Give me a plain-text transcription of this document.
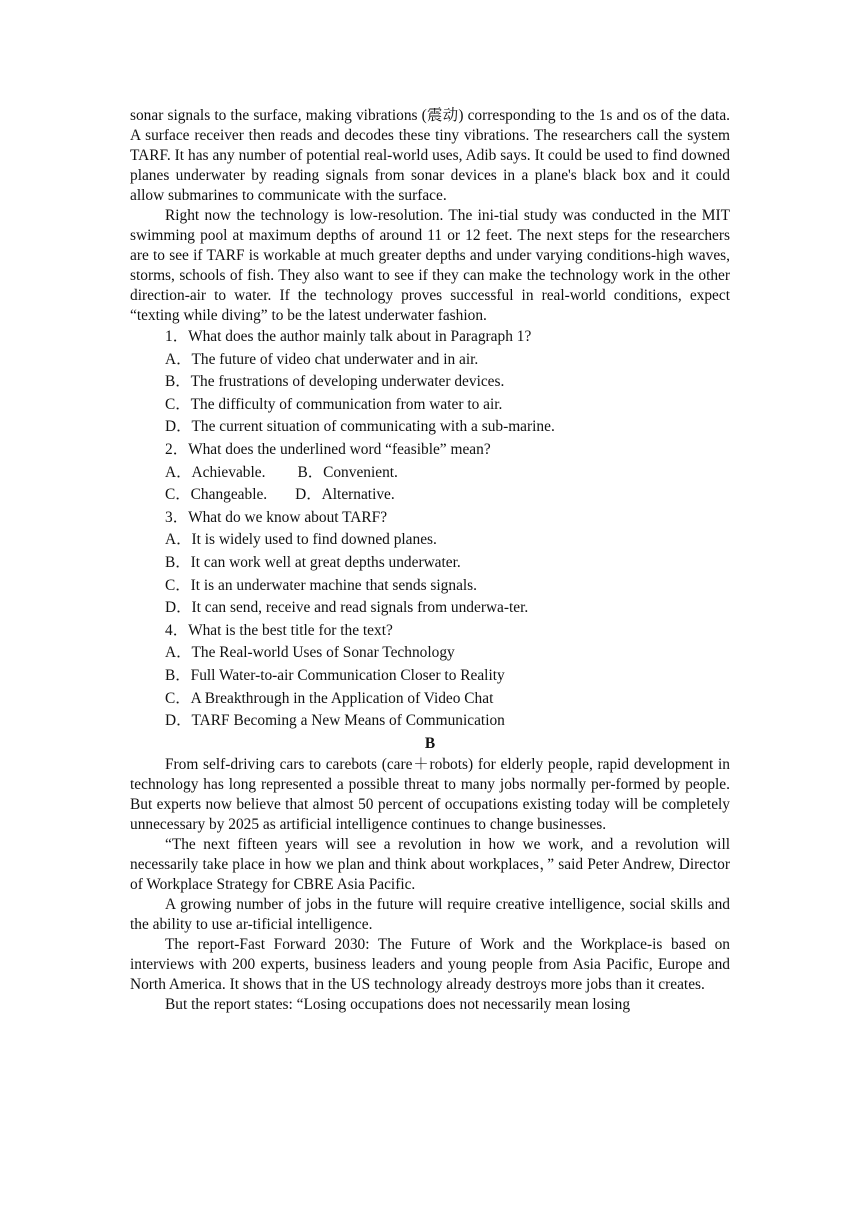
sonar signals to the surface, making vibrations (震动) corresponding to the 1s and os of the data. A surface receiver then reads and decodes these tiny vibrations. The researchers call the system TARF. It has any number of potential real-world uses, Adib says. It could be used to find downed planes underwater by reading signals from sonar devices in a plane's black box and it could allow submarines to communicate with the surface.

Right now the technology is low-resolution. The ini-tial study was conducted in the MIT swimming pool at maximum depths of around 11 or 12 feet. The next steps for the researchers are to see if TARF is workable at much greater depths and under varying conditions-high waves, storms, schools of fish. They also want to see if they can make the technology work in the other direction-air to water. If the technology proves successful in real-world conditions, expect “texting while diving” to be the latest underwater fashion.

1．What does the author mainly talk about in Paragraph 1?

A．The future of video chat underwater and in air.

B．The frustrations of developing underwater devices.

C．The difficulty of communication from water to air.

D．The current situation of communicating with a sub-marine.

2．What does the underlined word “feasible” mean?

A．Achievable. B．Convenient.

C．Changeable. D．Alternative.

3．What do we know about TARF?

A．It is widely used to find downed planes.

B．It can work well at great depths underwater.

C．It is an underwater machine that sends signals.

D．It can send, receive and read signals from underwa-ter.

4．What is the best title for the text?

A．The Real-world Uses of Sonar Technology

B．Full Water-to-air Communication Closer to Reality

C．A Breakthrough in the Application of Video Chat

D．TARF Becoming a New Means of Communication

B

From self-driving cars to carebots (care＋robots) for elderly people, rapid development in technology has long represented a possible threat to many jobs normally per-formed by people. But experts now believe that almost 50 percent of occupations existing today will be completely unnecessary by 2025 as artificial intelligence continues to change businesses.

“The next fifteen years will see a revolution in how we work, and a revolution will necessarily take place in how we plan and think about workplaces，” said Peter Andrew, Director of Workplace Strategy for CBRE Asia Pacific.

A growing number of jobs in the future will require creative intelligence, social skills and the ability to use ar-tificial intelligence.

The report-Fast Forward 2030: The Future of Work and the Workplace-is based on interviews with 200 experts, business leaders and young people from Asia Pacific, Europe and North America. It shows that in the US technology already destroys more jobs than it creates.

But the report states: “Losing occupations does not necessarily mean losing
